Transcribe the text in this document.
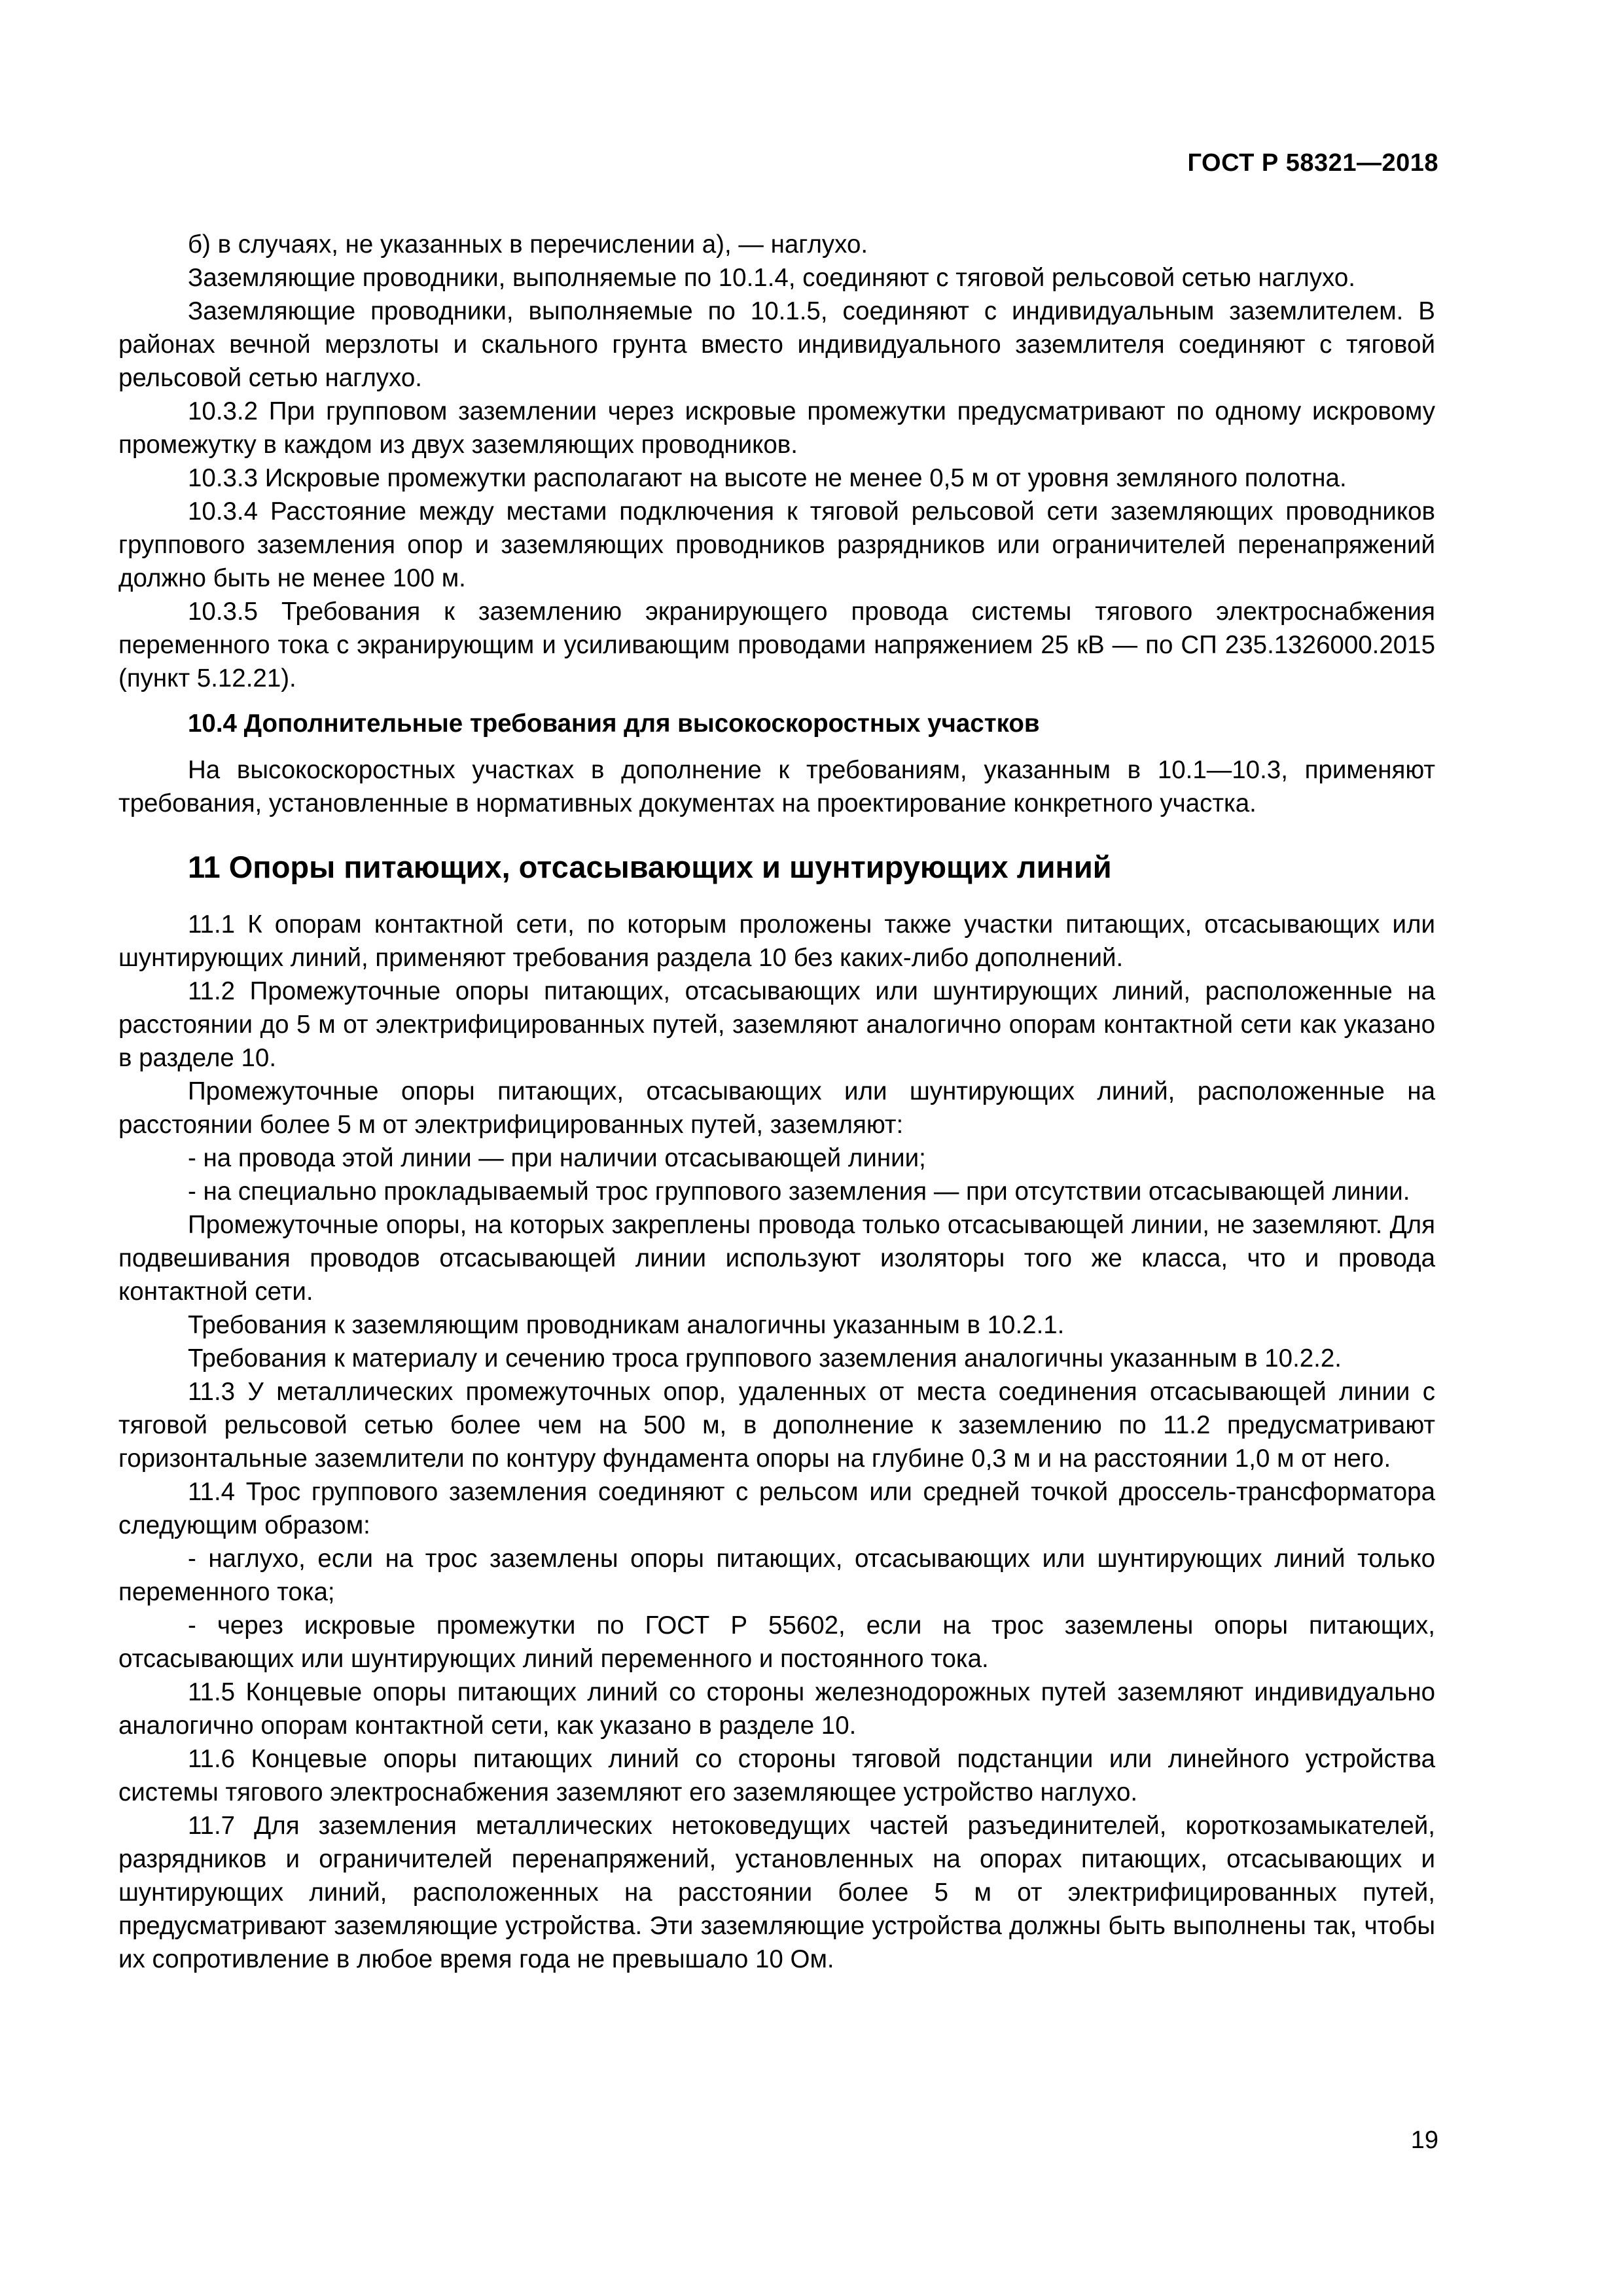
ГОСТ Р 58321—2018

б) в случаях, не указанных в перечислении а), — наглухо.

Заземляющие проводники, выполняемые по 10.1.4, соединяют с тяговой рельсовой сетью наглухо.

Заземляющие проводники, выполняемые по 10.1.5, соединяют с индивидуальным заземлителем. В районах вечной мерзлоты и скального грунта вместо индивидуального заземлителя соединяют с тяговой рельсовой сетью наглухо.

10.3.2 При групповом заземлении через искровые промежутки предусматривают по одному искровому промежутку в каждом из двух заземляющих проводников.

10.3.3 Искровые промежутки располагают на высоте не менее 0,5 м от уровня земляного полотна.

10.3.4 Расстояние между местами подключения к тяговой рельсовой сети заземляющих проводников группового заземления опор и заземляющих проводников разрядников или ограничителей перенапряжений должно быть не менее 100 м.

10.3.5 Требования к заземлению экранирующего провода системы тягового электроснабжения переменного тока с экранирующим и усиливающим проводами напряжением 25 кВ — по СП 235.1326000.2015 (пункт 5.12.21).

10.4 Дополнительные требования для высокоскоростных участков

На высокоскоростных участках в дополнение к требованиям, указанным в 10.1—10.3, применяют требования, установленные в нормативных документах на проектирование конкретного участка.

11 Опоры питающих, отсасывающих и шунтирующих линий

11.1 К опорам контактной сети, по которым проложены также участки питающих, отсасывающих или шунтирующих линий, применяют требования раздела 10 без каких-либо дополнений.

11.2 Промежуточные опоры питающих, отсасывающих или шунтирующих линий, расположенные на расстоянии до 5 м от электрифицированных путей, заземляют аналогично опорам контактной сети как указано в разделе 10.

Промежуточные опоры питающих, отсасывающих или шунтирующих линий, расположенные на расстоянии более 5 м от электрифицированных путей, заземляют:

- на провода этой линии — при наличии отсасывающей линии;

- на специально прокладываемый трос группового заземления — при отсутствии отсасывающей линии.

Промежуточные опоры, на которых закреплены провода только отсасывающей линии, не заземляют. Для подвешивания проводов отсасывающей линии используют изоляторы того же класса, что и провода контактной сети.

Требования к заземляющим проводникам аналогичны указанным в 10.2.1.

Требования к материалу и сечению троса группового заземления аналогичны указанным в 10.2.2.

11.3 У металлических промежуточных опор, удаленных от места соединения отсасывающей линии с тяговой рельсовой сетью более чем на 500 м, в дополнение к заземлению по 11.2 предусматривают горизонтальные заземлители по контуру фундамента опоры на глубине 0,3 м и на расстоянии 1,0 м от него.

11.4 Трос группового заземления соединяют с рельсом или средней точкой дроссель-трансформатора следующим образом:

- наглухо, если на трос заземлены опоры питающих, отсасывающих или шунтирующих линий только переменного тока;

- через искровые промежутки по ГОСТ Р 55602, если на трос заземлены опоры питающих, отсасывающих или шунтирующих линий переменного и постоянного тока.

11.5 Концевые опоры питающих линий со стороны железнодорожных путей заземляют индивидуально аналогично опорам контактной сети, как указано в разделе 10.

11.6 Концевые опоры питающих линий со стороны тяговой подстанции или линейного устройства системы тягового электроснабжения заземляют его заземляющее устройство наглухо.

11.7 Для заземления металлических нетоковедущих частей разъединителей, короткозамыкателей, разрядников и ограничителей перенапряжений, установленных на опорах питающих, отсасывающих и шунтирующих линий, расположенных на расстоянии более 5 м от электрифицированных путей, предусматривают заземляющие устройства. Эти заземляющие устройства должны быть выполнены так, чтобы их сопротивление в любое время года не превышало 10 Ом.

19
